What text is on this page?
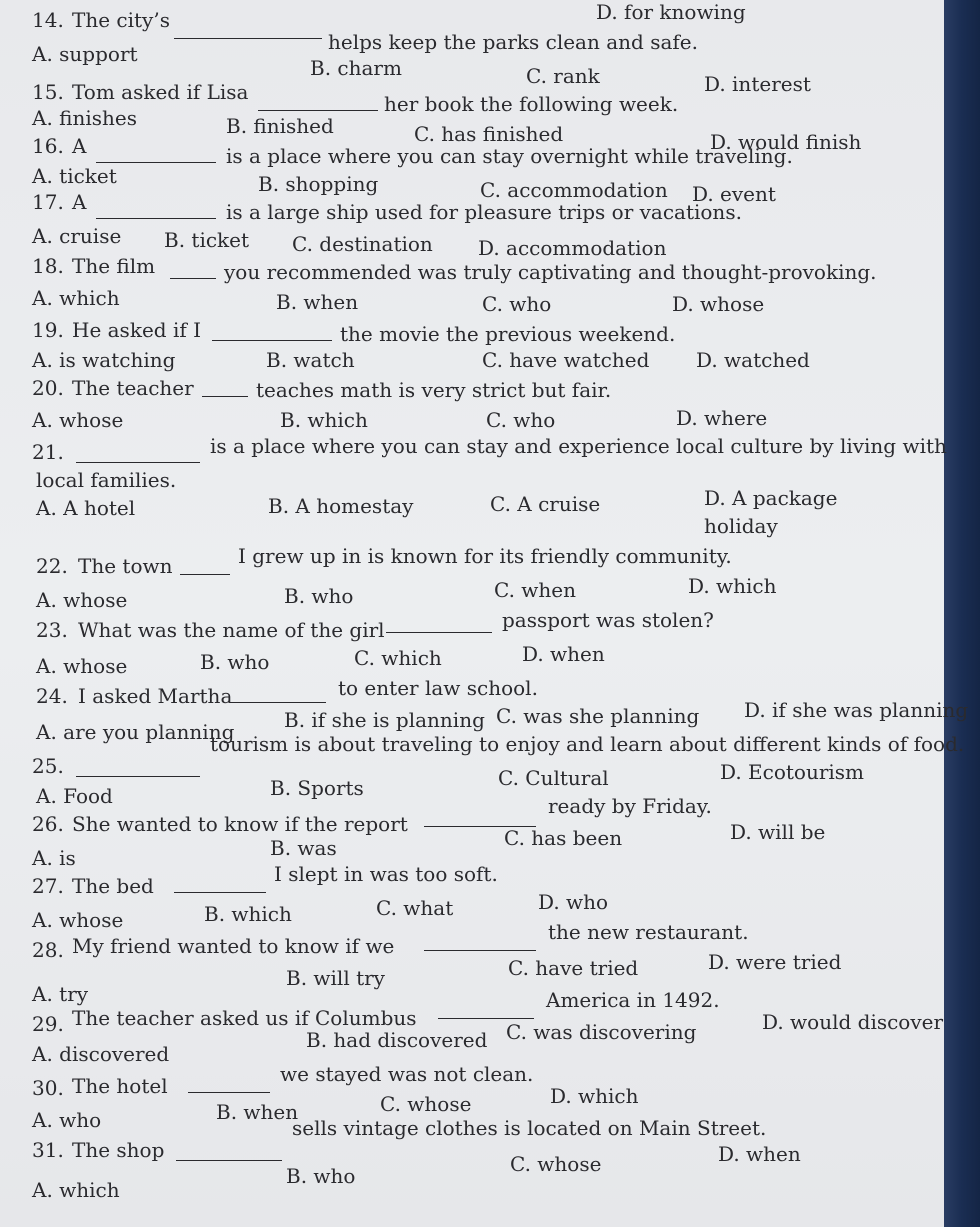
D. for knowing
14. The city’s
helps keep the parks clean and safe.
A. support
B. charm	C. rank	D. interest
15. Tom asked if Lisa	her book the following week.
A. finishes	B. finished	C. has finished	D. would finish
16. A	is a place where you can stay overnight while traveling.
A. ticket	B. shopping	C. accommodation D. event
17. A	is a large ship used for pleasure trips or vacations.
A. cruise B. ticket C. destination D. accommodation
18. The film	you recommended was truly captivating and thought-provoking.
A. which	B. when	C. who	D. whose
19. He asked if I	the movie the previous weekend.
A. is watching	B. watch	C. have watched D. watched
20. The teacher	teaches math is very strict but fair.
A. whose	B. which	C. who	D. where
21.	is a place where you can stay and experience local culture by living with
local families.
A. A hotel	B. A homestay	C. A cruise	D. A package
holiday
22. The town	I grew up in is known for its friendly community.
A. whose	B. who	C. when	D. which
23. What was the name of the girl	passport was stolen?
A. whose	B. who	C. which	D. when
24. I asked Martha	to enter law school.
A. are you planning B. if she is planning C. was she planning D. if she was planning
25.
tourism is about traveling to enjoy and learn about different kinds of food.
A. Food	B. Sports	C. Cultural	D. Ecotourism
26. She wanted to know if the report
ready by Friday.
A. is	B. was	C. has been	D. will be
27. The bed	I slept in was too soft.
A. whose	B. which	C. what	D. who
28. My friend wanted to know if we
the new restaurant.
A. try
B. will try	C. have tried	D. were tried
29. The teacher asked us if Columbus
America in 1492.
A. discovered
B. had discovered C. was discovering	D. would discover
30. The hotel	we stayed was not clean.
A. who	B. when	C. whose	D. which
31. The shop
sells vintage clothes is located on Main Street.
A. which
B. who	C. whose	D. when
